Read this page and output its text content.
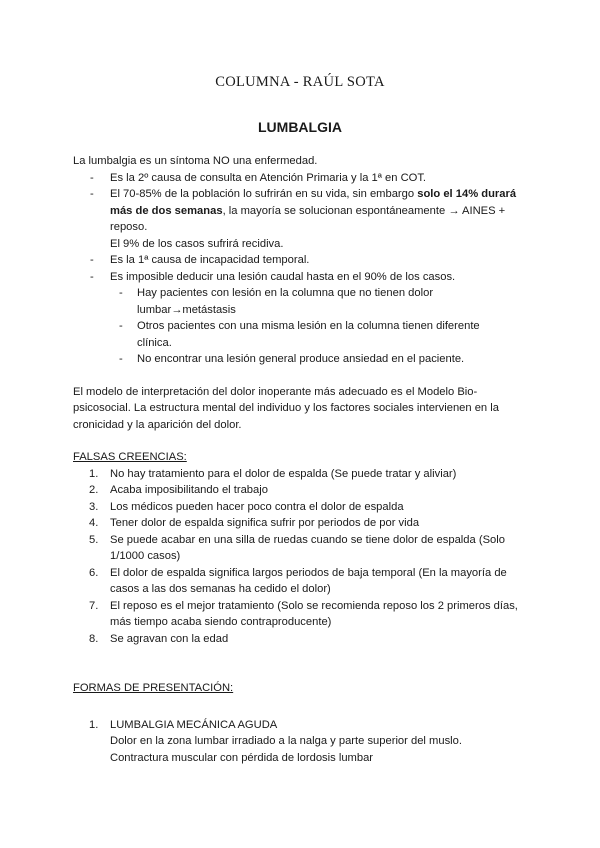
COLUMNA - RAÚL SOTA
LUMBALGIA

La lumbalgia es un síntoma NO una enfermedad.

- Es la 2º causa de consulta en Atención Primaria y la 1ª en COT.
- El 70-85% de la población lo sufrirán en su vida, sin embargo solo el 14% durará más de dos semanas, la mayoría se solucionan espontáneamente → AINES + reposo.
El 9% de los casos sufrirá recidiva.
- Es la 1ª causa de incapacidad temporal.
- Es imposible deducir una lesión caudal hasta en el 90% de los casos.
- Hay pacientes con lesión en la columna que no tienen dolor lumbar→metástasis
- Otros pacientes con una misma lesión en la columna tienen diferente clínica.
- No encontrar una lesión general produce ansiedad en el paciente.

El modelo de interpretación del dolor inoperante más adecuado es el Modelo Bio-psicosocial. La estructura mental del individuo y los factores sociales intervienen en la cronicidad y la aparición del dolor.

FALSAS CREENCIAS:

1. No hay tratamiento para el dolor de espalda (Se puede tratar y aliviar)
2. Acaba imposibilitando el trabajo
3. Los médicos pueden hacer poco contra el dolor de espalda
4. Tener dolor de espalda significa sufrir por periodos de por vida
5. Se puede acabar en una silla de ruedas cuando se tiene dolor de espalda (Solo 1/1000 casos)
6. El dolor de espalda significa largos periodos de baja temporal (En la mayoría de casos a las dos semanas ha cedido el dolor)
7. El reposo es el mejor tratamiento (Solo se recomienda reposo los 2 primeros días, más tiempo acaba siendo contraproducente)
8. Se agravan con la edad

FORMAS DE PRESENTACIÓN:

1. LUMBALGIA MECÁNICA AGUDA
Dolor en la zona lumbar irradiado a la nalga y parte superior del muslo.
Contractura muscular con pérdida de lordosis lumbar
